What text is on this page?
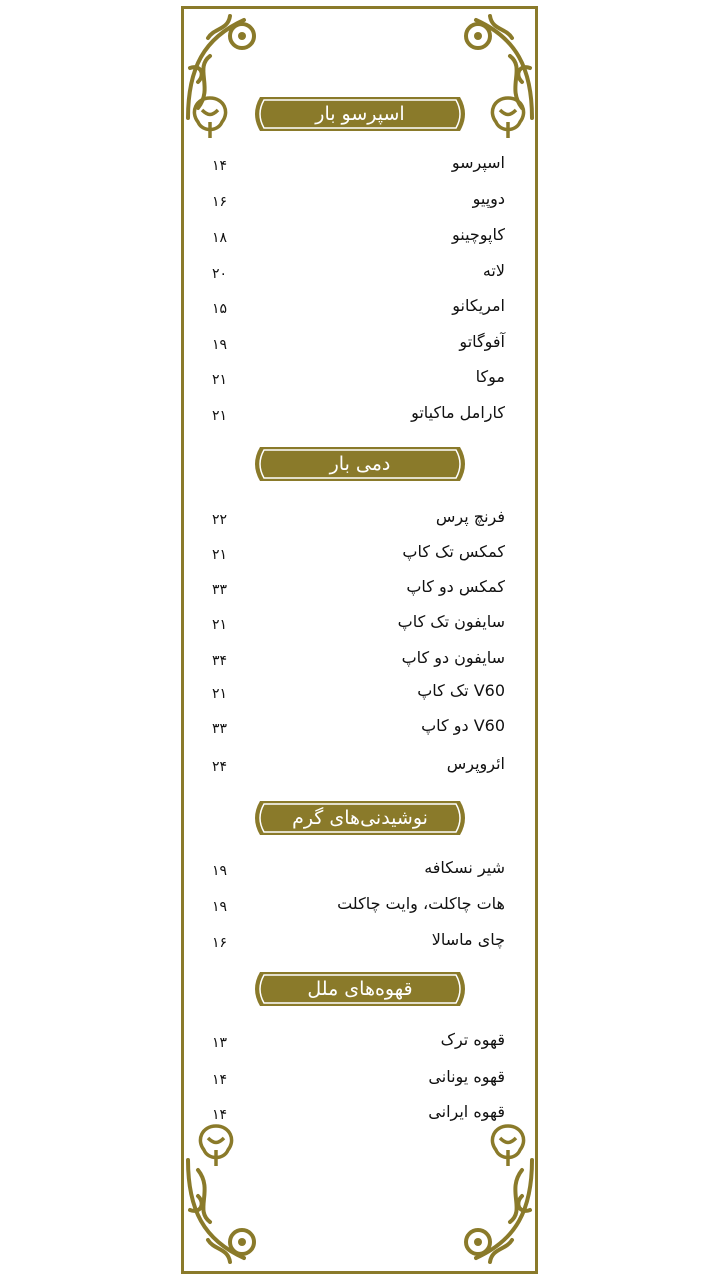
اسپرسو بار
اسپرسو
۱۴
دوپیو
۱۶
کاپوچینو
۱۸
لاته
۲۰
امریکانو
۱۵
آفوگاتو
۱۹
موکا
۲۱
کارامل ماکیاتو
۲۱
دمی بار
فرنچ پرس
۲۲
کمکس تک کاپ
۲۱
کمکس دو کاپ
۳۳
سایفون تک کاپ
۲۱
سایفون دو کاپ
۳۴
V60 تک کاپ
۲۱
V60 دو کاپ
۳۳
ائروپرس
۲۴
نوشیدنی‌های گرم
شیر نسکافه
۱۹
هات چاکلت، وایت چاکلت
۱۹
چای ماسالا
۱۶
قهوه‌های ملل
قهوه ترک
۱۳
قهوه یونانی
۱۴
قهوه ایرانی
۱۴
